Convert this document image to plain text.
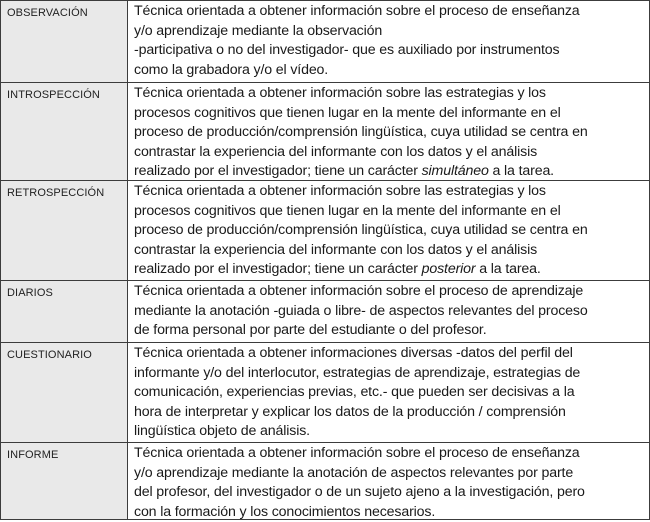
OBSERVACIÓN	Técnica orientada a obtener información sobre el proceso de enseñanza
y/o aprendizaje mediante la observación
-participativa o no del investigador- que es auxiliado por instrumentos
como la grabadora y/o el vídeo.
INTROSPECCIÓN	Técnica orientada a obtener información sobre las estrategias y los
procesos cognitivos que tienen lugar en la mente del informante en el
proceso de producción/comprensión lingüística, cuya utilidad se centra en
contrastar la experiencia del informante con los datos y el análisis
realizado por el investigador; tiene un carácter simultáneo a la tarea.
RETROSPECCIÓN	Técnica orientada a obtener información sobre las estrategias y los
procesos cognitivos que tienen lugar en la mente del informante en el
proceso de producción/comprensión lingüística, cuya utilidad se centra en
contrastar la experiencia del informante con los datos y el análisis
realizado por el investigador; tiene un carácter posterior a la tarea.
DIARIOS	Técnica orientada a obtener información sobre el proceso de aprendizaje
mediante la anotación -guiada o libre- de aspectos relevantes del proceso
de forma personal por parte del estudiante o del profesor.
CUESTIONARIO	Técnica orientada a obtener informaciones diversas -datos del perfil del
informante y/o del interlocutor, estrategias de aprendizaje, estrategias de
comunicación, experiencias previas, etc.- que pueden ser decisivas a la
hora de interpretar y explicar los datos de la producción / comprensión
lingüística objeto de análisis.
INFORME	Técnica orientada a obtener información sobre el proceso de enseñanza
y/o aprendizaje mediante la anotación de aspectos relevantes por parte
del profesor, del investigador o de un sujeto ajeno a la investigación, pero
con la formación y los conocimientos necesarios.
